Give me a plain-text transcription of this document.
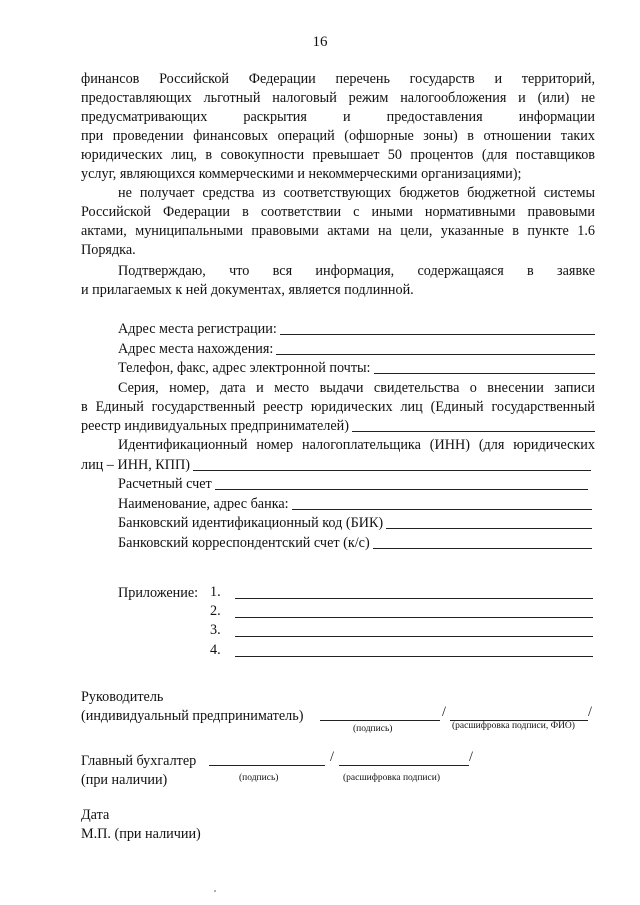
16
финансов Российской Федерации перечень государств и территорий,
предоставляющих льготный налоговый режим налогообложения и (или) не
предусматривающих раскрытия и предоставления информации
при проведении финансовых операций (офшорные зоны) в отношении таких
юридических лиц, в совокупности превышает 50 процентов (для поставщиков
услуг, являющихся коммерческими и некоммерческими организациями);
не получает средства из соответствующих бюджетов бюджетной системы
Российской Федерации в соответствии с иными нормативными правовыми
актами, муниципальными правовыми актами на цели, указанные в пункте 1.6
Порядка.
Подтверждаю, что вся информация, содержащаяся в заявке
и прилагаемых к ней документах, является подлинной.
Адрес места регистрации:
Адрес места нахождения:
Телефон, факс, адрес электронной почты:
Серия, номер, дата и место выдачи свидетельства о внесении записи
в Единый государственный реестр юридических лиц (Единый государственный
реестр индивидуальных предпринимателей)
Идентификационный номер налогоплательщика (ИНН) (для юридических
лиц – ИНН, КПП)
Расчетный счет
Наименование, адрес банка:
Банковский идентификационный код (БИК)
Банковский корреспондентский счет (к/с)
Приложение: 1.
2.
3.
4.
Руководитель
(индивидуальный предприниматель)	/	/
(подпись)	(расшифровка подписи, ФИО)
Главный бухгалтер	/	/
(при наличии)	(подпись)	(расшифровка подписи)
Дата
М.П. (при наличии)
